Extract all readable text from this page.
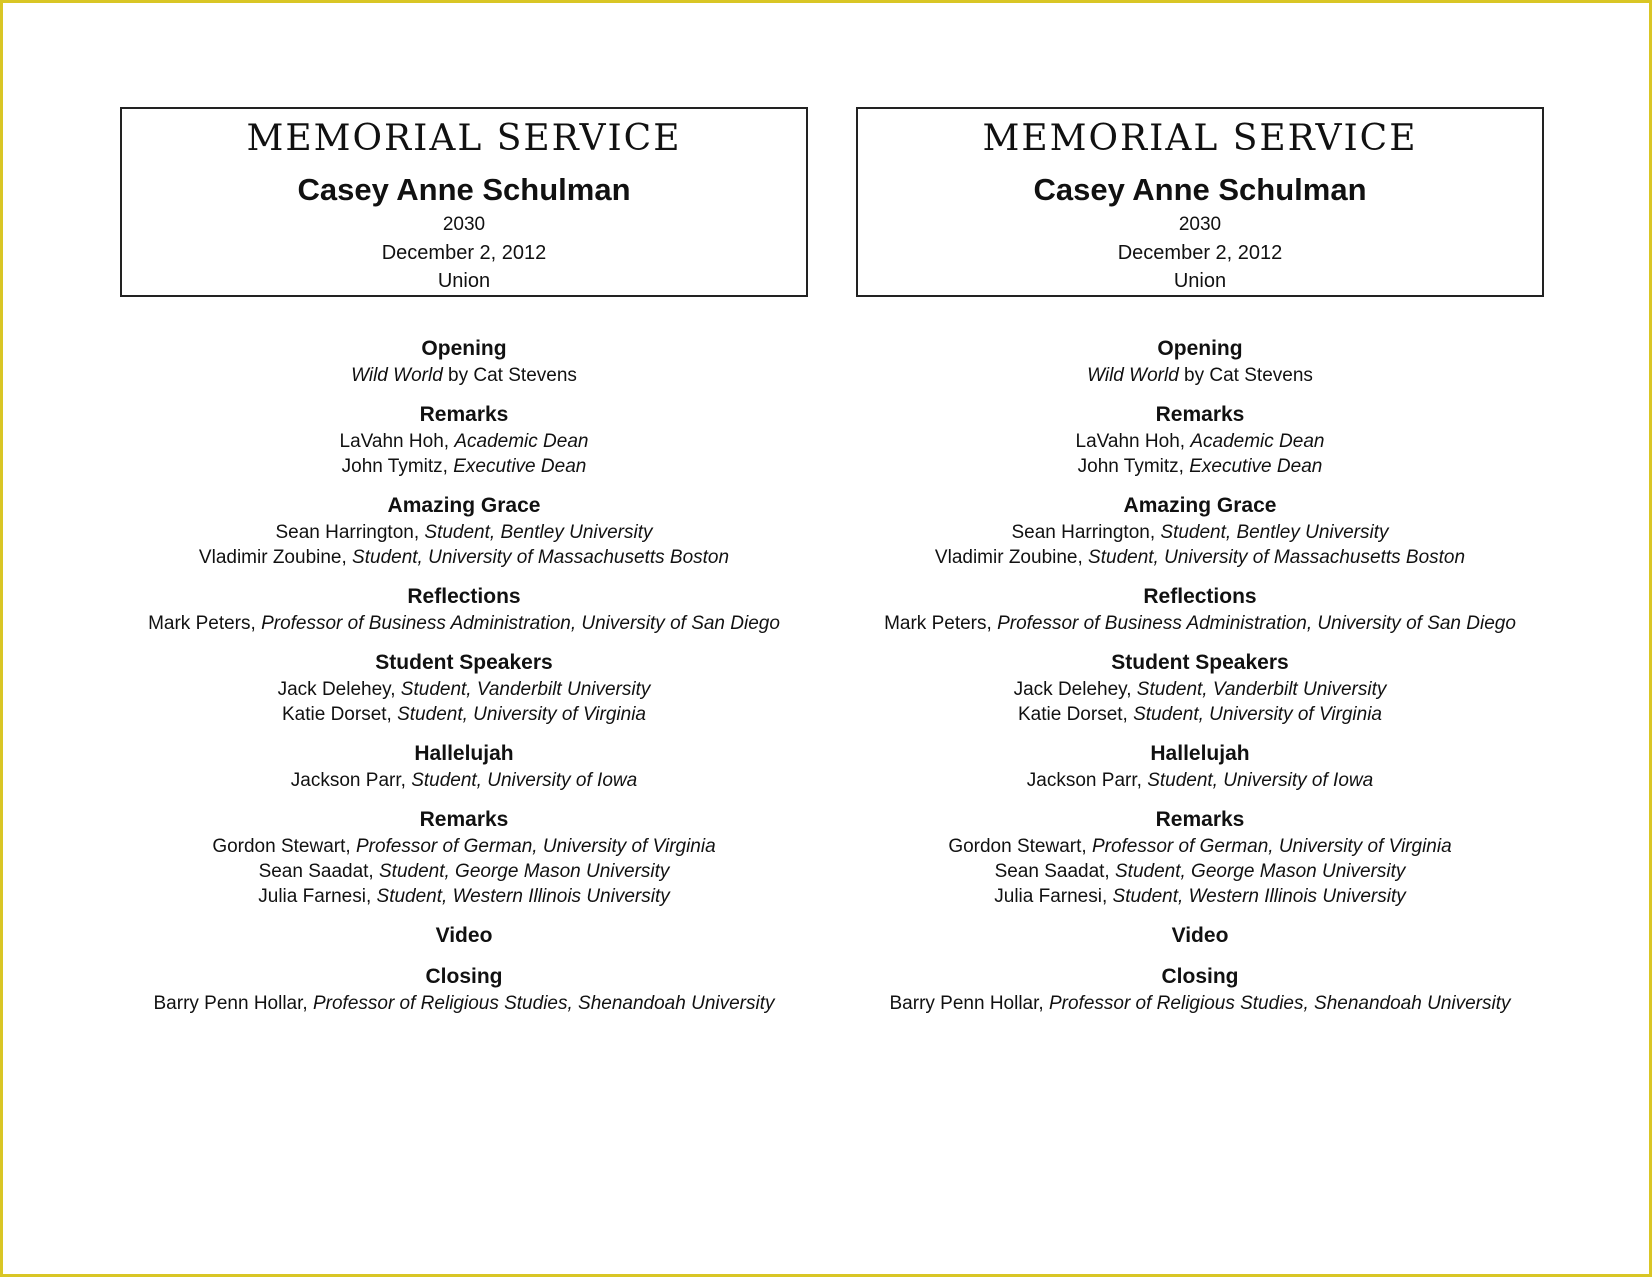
MEMORIAL SERVICE
Casey Anne Schulman
2030
December 2, 2012
Union
Opening
Wild World by Cat Stevens
Remarks
LaVahn Hoh, Academic Dean
John Tymitz, Executive Dean
Amazing Grace
Sean Harrington, Student, Bentley University
Vladimir Zoubine, Student, University of Massachusetts Boston
Reflections
Mark Peters, Professor of Business Administration, University of San Diego
Student Speakers
Jack Delehey, Student, Vanderbilt University
Katie Dorset, Student, University of Virginia
Hallelujah
Jackson Parr, Student, University of Iowa
Remarks
Gordon Stewart, Professor of German, University of Virginia
Sean Saadat, Student, George Mason University
Julia Farnesi, Student, Western Illinois University
Video
Closing
Barry Penn Hollar, Professor of Religious Studies, Shenandoah University
MEMORIAL SERVICE
Casey Anne Schulman
2030
December 2, 2012
Union
Opening
Wild World by Cat Stevens
Remarks
LaVahn Hoh, Academic Dean
John Tymitz, Executive Dean
Amazing Grace
Sean Harrington, Student, Bentley University
Vladimir Zoubine, Student, University of Massachusetts Boston
Reflections
Mark Peters, Professor of Business Administration, University of San Diego
Student Speakers
Jack Delehey, Student, Vanderbilt University
Katie Dorset, Student, University of Virginia
Hallelujah
Jackson Parr, Student, University of Iowa
Remarks
Gordon Stewart, Professor of German, University of Virginia
Sean Saadat, Student, George Mason University
Julia Farnesi, Student, Western Illinois University
Video
Closing
Barry Penn Hollar, Professor of Religious Studies, Shenandoah University
